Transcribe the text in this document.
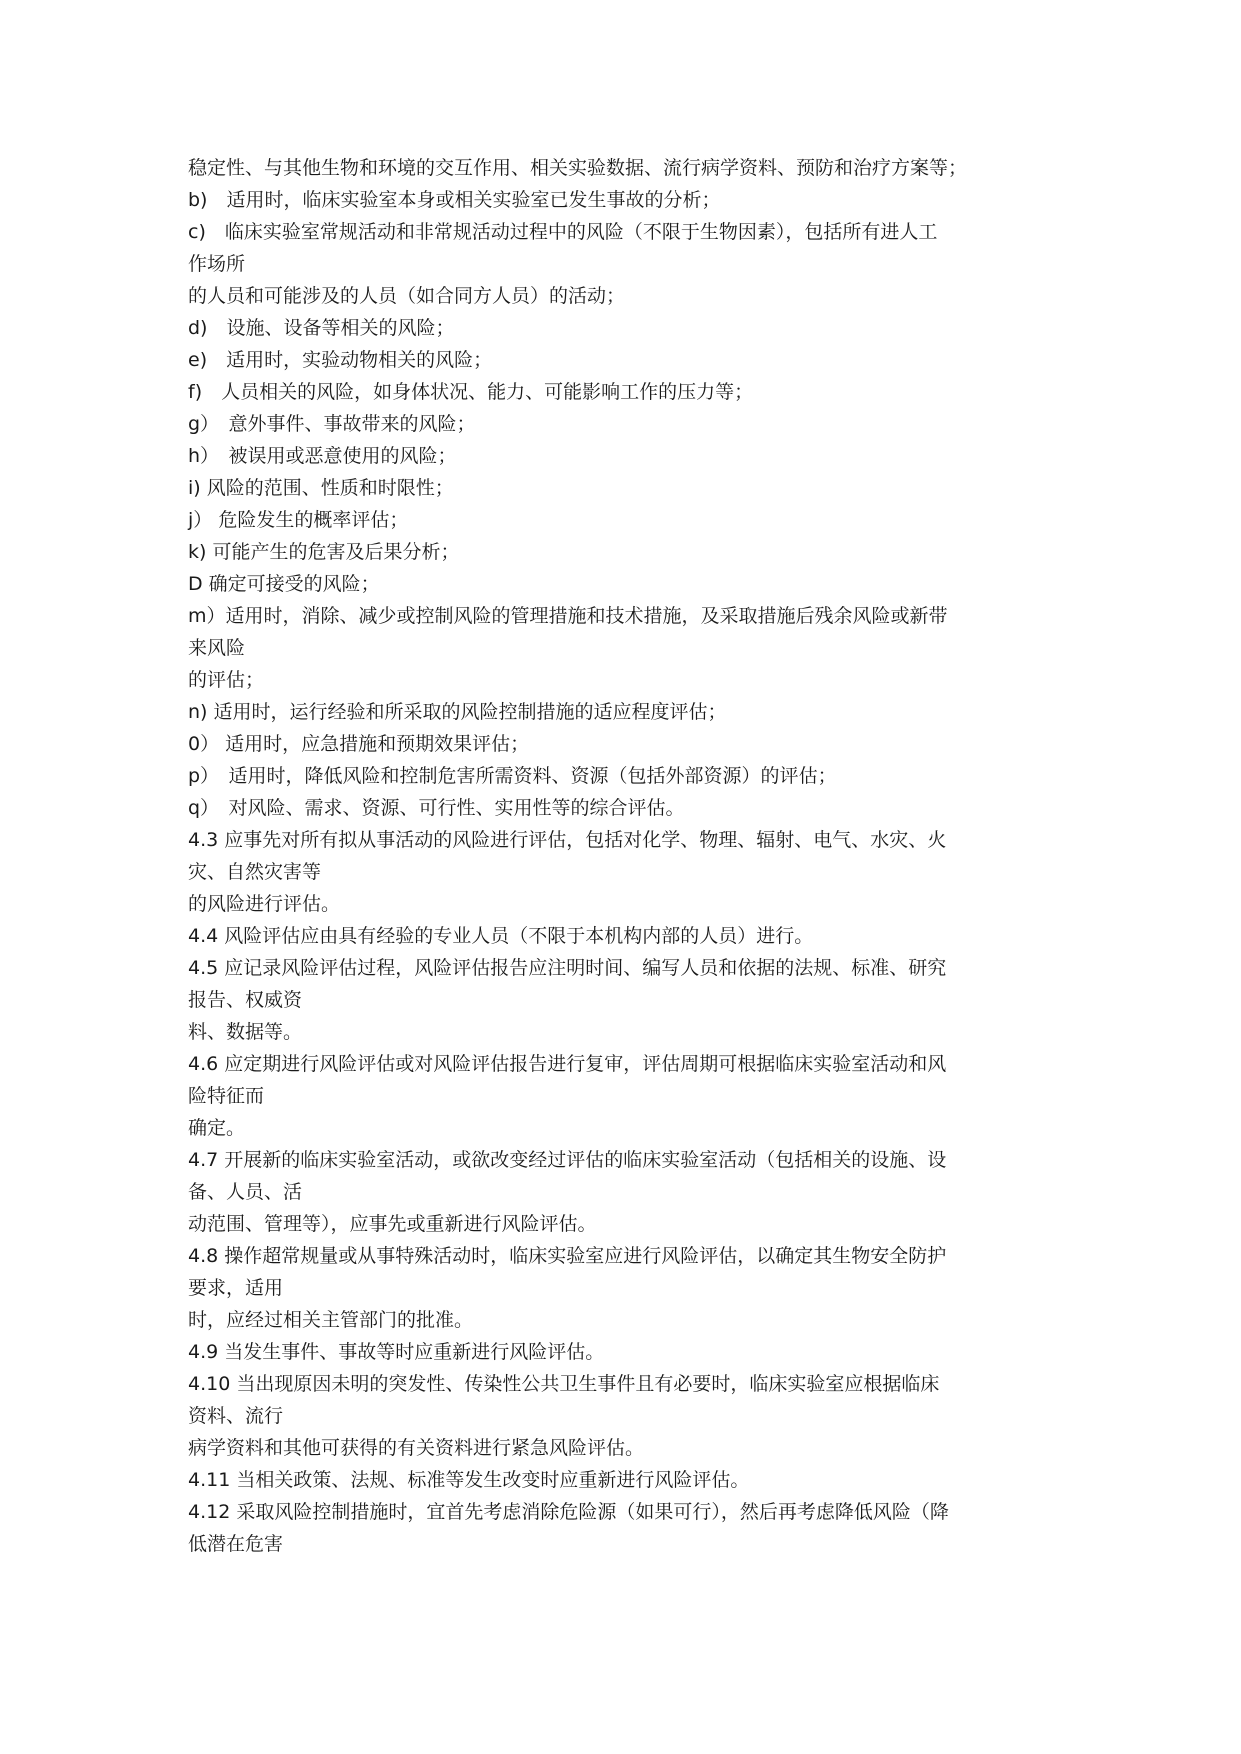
稳定性、与其他生物和环境的交互作用、相关实验数据、流行病学资料、预防和治疗方案等；
b)　适用时，临床实验室本身或相关实验室已发生事故的分析；
c)　临床实验室常规活动和非常规活动过程中的风险（不限于生物因素），包括所有进人工
作场所
的人员和可能涉及的人员（如合同方人员）的活动；
d)　设施、设备等相关的风险；
e)　适用时，实验动物相关的风险；
f)　人员相关的风险，如身体状况、能力、可能影响工作的压力等；
g）　意外事件、事故带来的风险；
h）　被误用或恶意使用的风险；
i) 风险的范围、性质和时限性；
j） 危险发生的概率评估；
k) 可能产生的危害及后果分析；
D 确定可接受的风险；
m）适用时，消除、减少或控制风险的管理措施和技术措施，及采取措施后残余风险或新带
来风险
的评估；
n) 适用时，运行经验和所采取的风险控制措施的适应程度评估；
0） 适用时，应急措施和预期效果评估；
p）　适用时，降低风险和控制危害所需资料、资源（包括外部资源）的评估；
q）　对风险、需求、资源、可行性、实用性等的综合评估。
4.3 应事先对所有拟从事活动的风险进行评估，包括对化学、物理、辐射、电气、水灾、火
灾、自然灾害等
的风险进行评估。
4.4 风险评估应由具有经验的专业人员（不限于本机构内部的人员）进行。
4.5 应记录风险评估过程，风险评估报告应注明时间、编写人员和依据的法规、标准、研究
报告、权威资
料、数据等。
4.6 应定期进行风险评估或对风险评估报告进行复审，评估周期可根据临床实验室活动和风
险特征而
确定。
4.7 开展新的临床实验室活动，或欲改变经过评估的临床实验室活动（包括相关的设施、设
备、人员、活
动范围、管理等），应事先或重新进行风险评估。
4.8 操作超常规量或从事特殊活动时，临床实验室应进行风险评估，以确定其生物安全防护
要求，适用
时，应经过相关主管部门的批准。
4.9 当发生事件、事故等时应重新进行风险评估。
4.10 当出现原因未明的突发性、传染性公共卫生事件且有必要时，临床实验室应根据临床
资料、流行
病学资料和其他可获得的有关资料进行紧急风险评估。
4.11 当相关政策、法规、标准等发生改变时应重新进行风险评估。
4.12 采取风险控制措施时，宜首先考虑消除危险源（如果可行），然后再考虑降低风险（降
低潜在危害
